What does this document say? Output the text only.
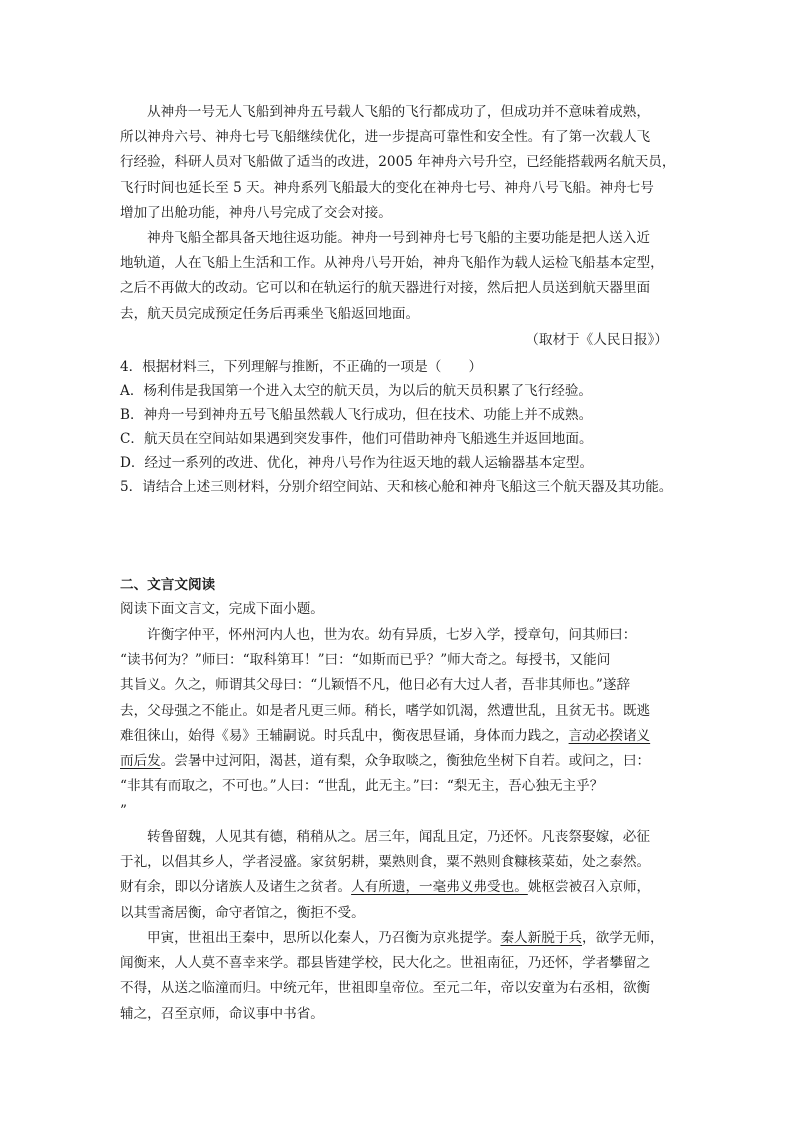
从神舟一号无人飞船到神舟五号载人飞船的飞行都成功了，但成功并不意味着成熟，
所以神舟六号、神舟七号飞船继续优化，进一步提高可靠性和安全性。有了第一次载人飞
行经验，科研人员对飞船做了适当的改进，2005 年神舟六号升空，已经能搭载两名航天员，
飞行时间也延长至 5 天。神舟系列飞船最大的变化在神舟七号、神舟八号飞船。神舟七号
增加了出舱功能，神舟八号完成了交会对接。
神舟飞船全都具备天地往返功能。神舟一号到神舟七号飞船的主要功能是把人送入近
地轨道，人在飞船上生活和工作。从神舟八号开始，神舟飞船作为载人运检飞船基本定型，
之后不再做大的改动。它可以和在轨运行的航天器进行对接，然后把人员送到航天器里面
去，航天员完成预定任务后再乘坐飞船返回地面。
（取材于《人民日报》）
4．根据材料三，下列理解与推断，不正确的一项是（　　）
A．杨利伟是我国第一个进入太空的航天员，为以后的航天员积累了飞行经验。
B．神舟一号到神舟五号飞船虽然载人飞行成功，但在技术、功能上并不成熟。
C．航天员在空间站如果遇到突发事件，他们可借助神舟飞船逃生并返回地面。
D．经过一系列的改进、优化，神舟八号作为往返天地的载人运输器基本定型。
5．请结合上述三则材料，分别介绍空间站、天和核心舱和神舟飞船这三个航天器及其功能。
二、文言文阅读
阅读下面文言文，完成下面小题。
许衡字仲平，怀州河内人也，世为农。幼有异质，七岁入学，授章句，问其师曰：
“读书何为？”师曰：“取科第耳！”曰：“如斯而已乎？”师大奇之。每授书，又能问
其旨义。久之，师谓其父母曰：“儿颖悟不凡，他日必有大过人者，吾非其师也。”遂辞
去，父母强之不能止。如是者凡更三师。稍长，嗜学如饥渴，然遭世乱，且贫无书。既逃
难徂徕山，始得《易》王辅嗣说。时兵乱中，衡夜思昼诵，身体而力践之，言动必揆诸义
而后发。尝暑中过河阳，渴甚，道有梨，众争取啖之，衡独危坐树下自若。或问之，曰：
“非其有而取之，不可也。”人曰：“世乱，此无主。”曰：“梨无主，吾心独无主乎？
”
转鲁留魏，人见其有德，稍稍从之。居三年，闻乱且定，乃还怀。凡丧祭娶嫁，必征
于礼，以倡其乡人，学者浸盛。家贫躬耕，粟熟则食，粟不熟则食糠核菜茹，处之泰然。
财有余，即以分诸族人及诸生之贫者。人有所遗，一毫弗义弗受也。姚枢尝被召入京师，
以其雪斋居衡，命守者馆之，衡拒不受。
甲寅，世祖出王秦中，思所以化秦人，乃召衡为京兆提学。秦人新脱于兵，欲学无师，
闻衡来，人人莫不喜幸来学。郡县皆建学校，民大化之。世祖南征，乃还怀，学者攀留之
不得，从送之临潼而归。中统元年，世祖即皇帝位。至元二年，帝以安童为右丞相，欲衡
辅之，召至京师，命议事中书省。
